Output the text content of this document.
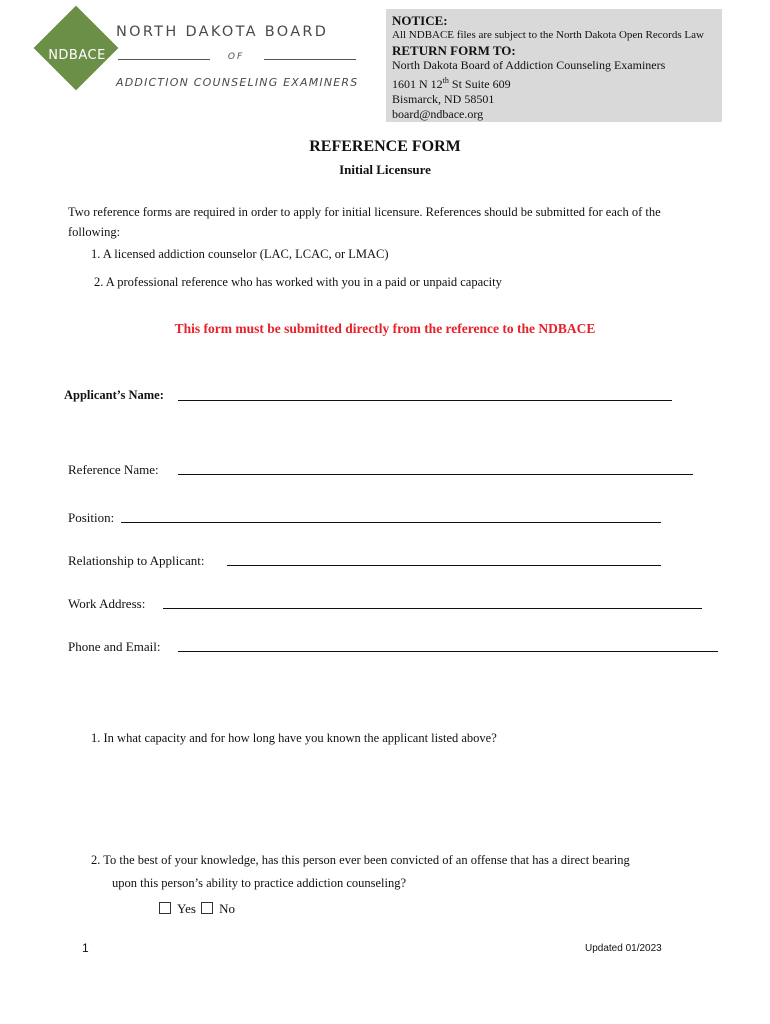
NDBACE
NORTH DAKOTA BOARD
OF
ADDICTION COUNSELING EXAMINERS
NOTICE:
All NDBACE files are subject to the North Dakota Open Records Law
RETURN FORM TO:
North Dakota Board of Addiction Counseling Examiners
1601 N 12th St Suite 609
Bismarck, ND 58501
board@ndbace.org
REFERENCE FORM
Initial Licensure
Two reference forms are required in order to apply for initial licensure. References should be submitted for each of the following:
1. A licensed addiction counselor (LAC, LCAC, or LMAC)
2. A professional reference who has worked with you in a paid or unpaid capacity
This form must be submitted directly from the reference to the NDBACE
Applicant’s Name:
Reference Name:
Position:
Relationship to Applicant:
Work Address:
Phone and Email:
1. In what capacity and for how long have you known the applicant listed above?
2. To the best of your knowledge, has this person ever been convicted of an offense that has a direct bearing
upon this person’s ability to practice addiction counseling?
Yes No
1	Updated 01/2023
